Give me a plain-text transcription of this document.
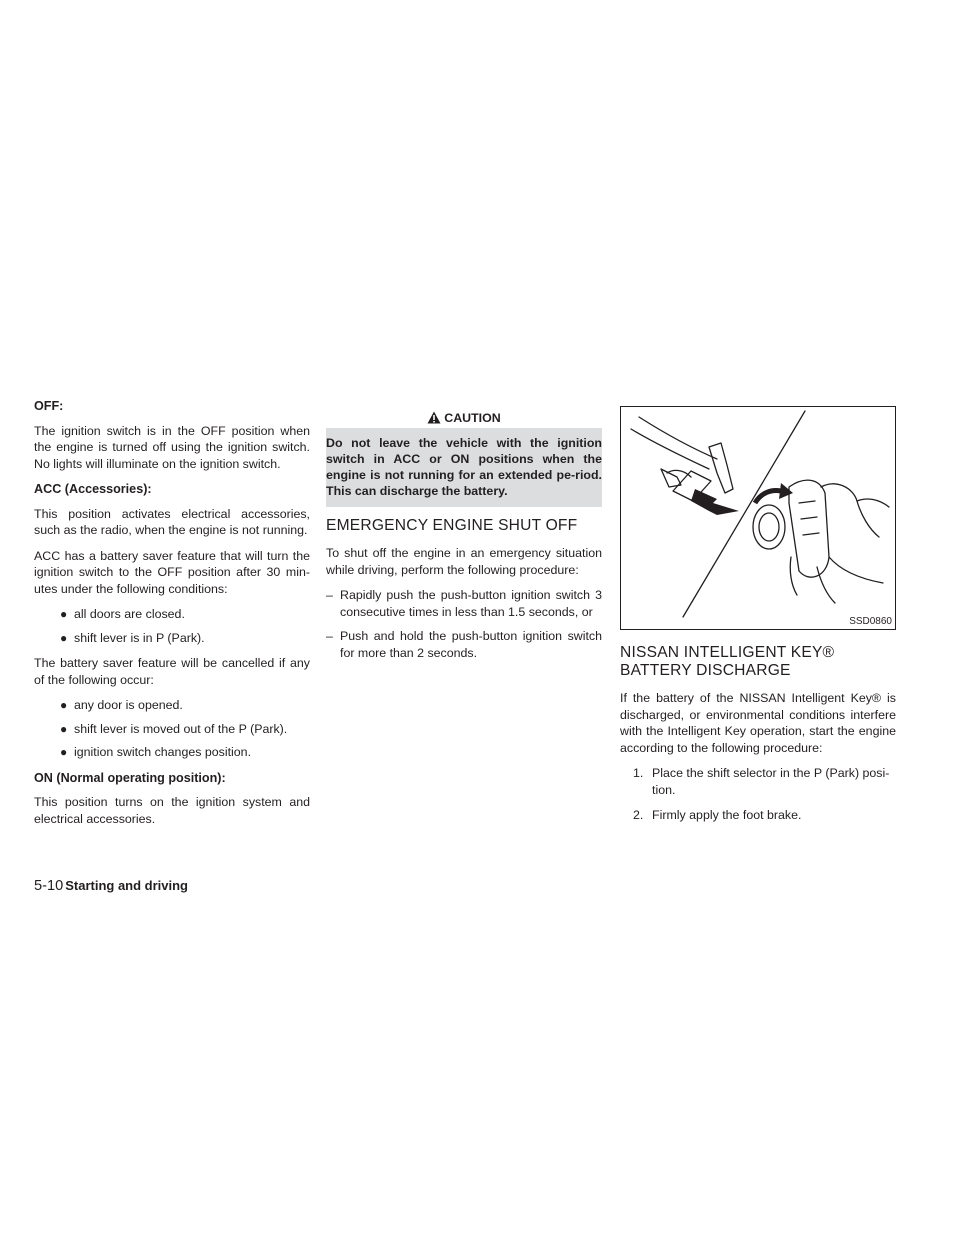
OFF:

The ignition switch is in the OFF position when the engine is turned off using the ignition switch. No lights will illuminate on the ignition switch.

ACC (Accessories):

This position activates electrical accessories, such as the radio, when the engine is not running.

ACC has a battery saver feature that will turn the ignition switch to the OFF position after 30 min-utes under the following conditions:

● all doors are closed.
● shift lever is in P (Park).

The battery saver feature will be cancelled if any of the following occur:

● any door is opened.
● shift lever is moved out of the P (Park).
● ignition switch changes position.

ON (Normal operating position):

This position turns on the ignition system and electrical accessories.

CAUTION
Do not leave the vehicle with the ignition switch in ACC or ON positions when the engine is not running for an extended pe-riod. This can discharge the battery.
EMERGENCY ENGINE SHUT OFF

To shut off the engine in an emergency situation while driving, perform the following procedure:

– Rapidly push the push-button ignition switch 3 consecutive times in less than 1.5 seconds, or
– Push and hold the push-button ignition switch for more than 2 seconds.
SSD0860
NISSAN INTELLIGENT KEY®
BATTERY DISCHARGE

If the battery of the NISSAN Intelligent Key® is discharged, or environmental conditions interfere with the Intelligent Key operation, start the engine according to the following procedure:

1. Place the shift selector in the P (Park) posi-tion.
2. Firmly apply the foot brake.
5-10 Starting and driving
